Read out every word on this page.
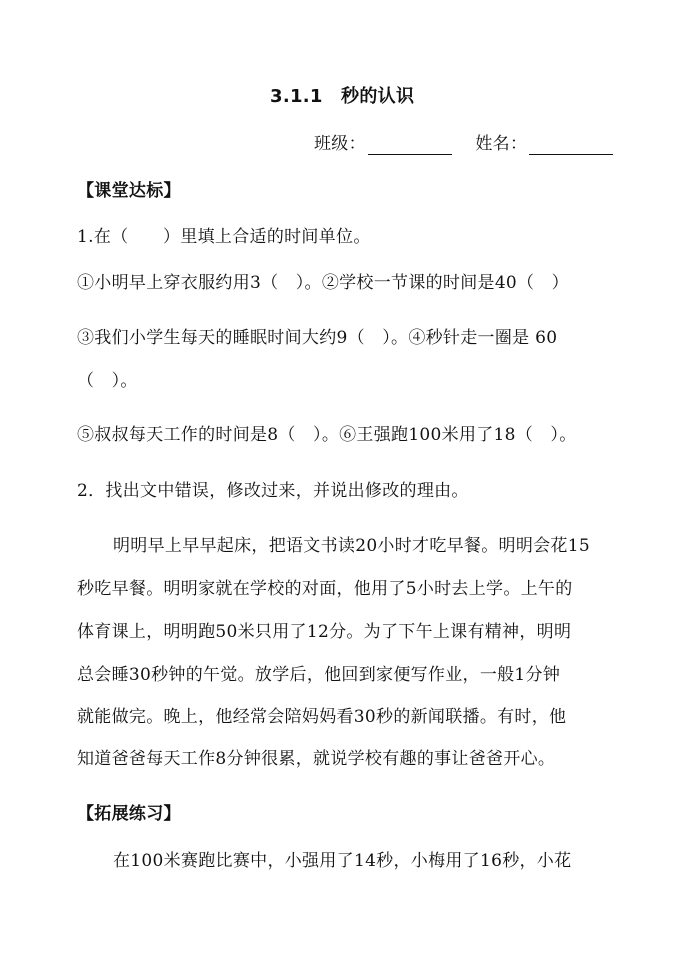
3.1.1　秒的认识
班级：	姓名：
【课堂达标】
1.在（　　）里填上合适的时间单位。
①小明早上穿衣服约用3（　）。②学校一节课的时间是40（　）
③我们小学生每天的睡眠时间大约9（　）。④秒针走一圈是 60
（　）。
⑤叔叔每天工作的时间是8（　）。⑥王强跑100米用了18（　）。
2．找出文中错误，修改过来，并说出修改的理由。
明明早上早早起床，把语文书读20小时才吃早餐。明明会花15
秒吃早餐。明明家就在学校的对面，他用了5小时去上学。上午的
体育课上，明明跑50米只用了12分。为了下午上课有精神，明明
总会睡30秒钟的午觉。放学后，他回到家便写作业，一般1分钟
就能做完。晚上，他经常会陪妈妈看30秒的新闻联播。有时，他
知道爸爸每天工作8分钟很累，就说学校有趣的事让爸爸开心。
【拓展练习】
在100米赛跑比赛中，小强用了14秒，小梅用了16秒，小花
